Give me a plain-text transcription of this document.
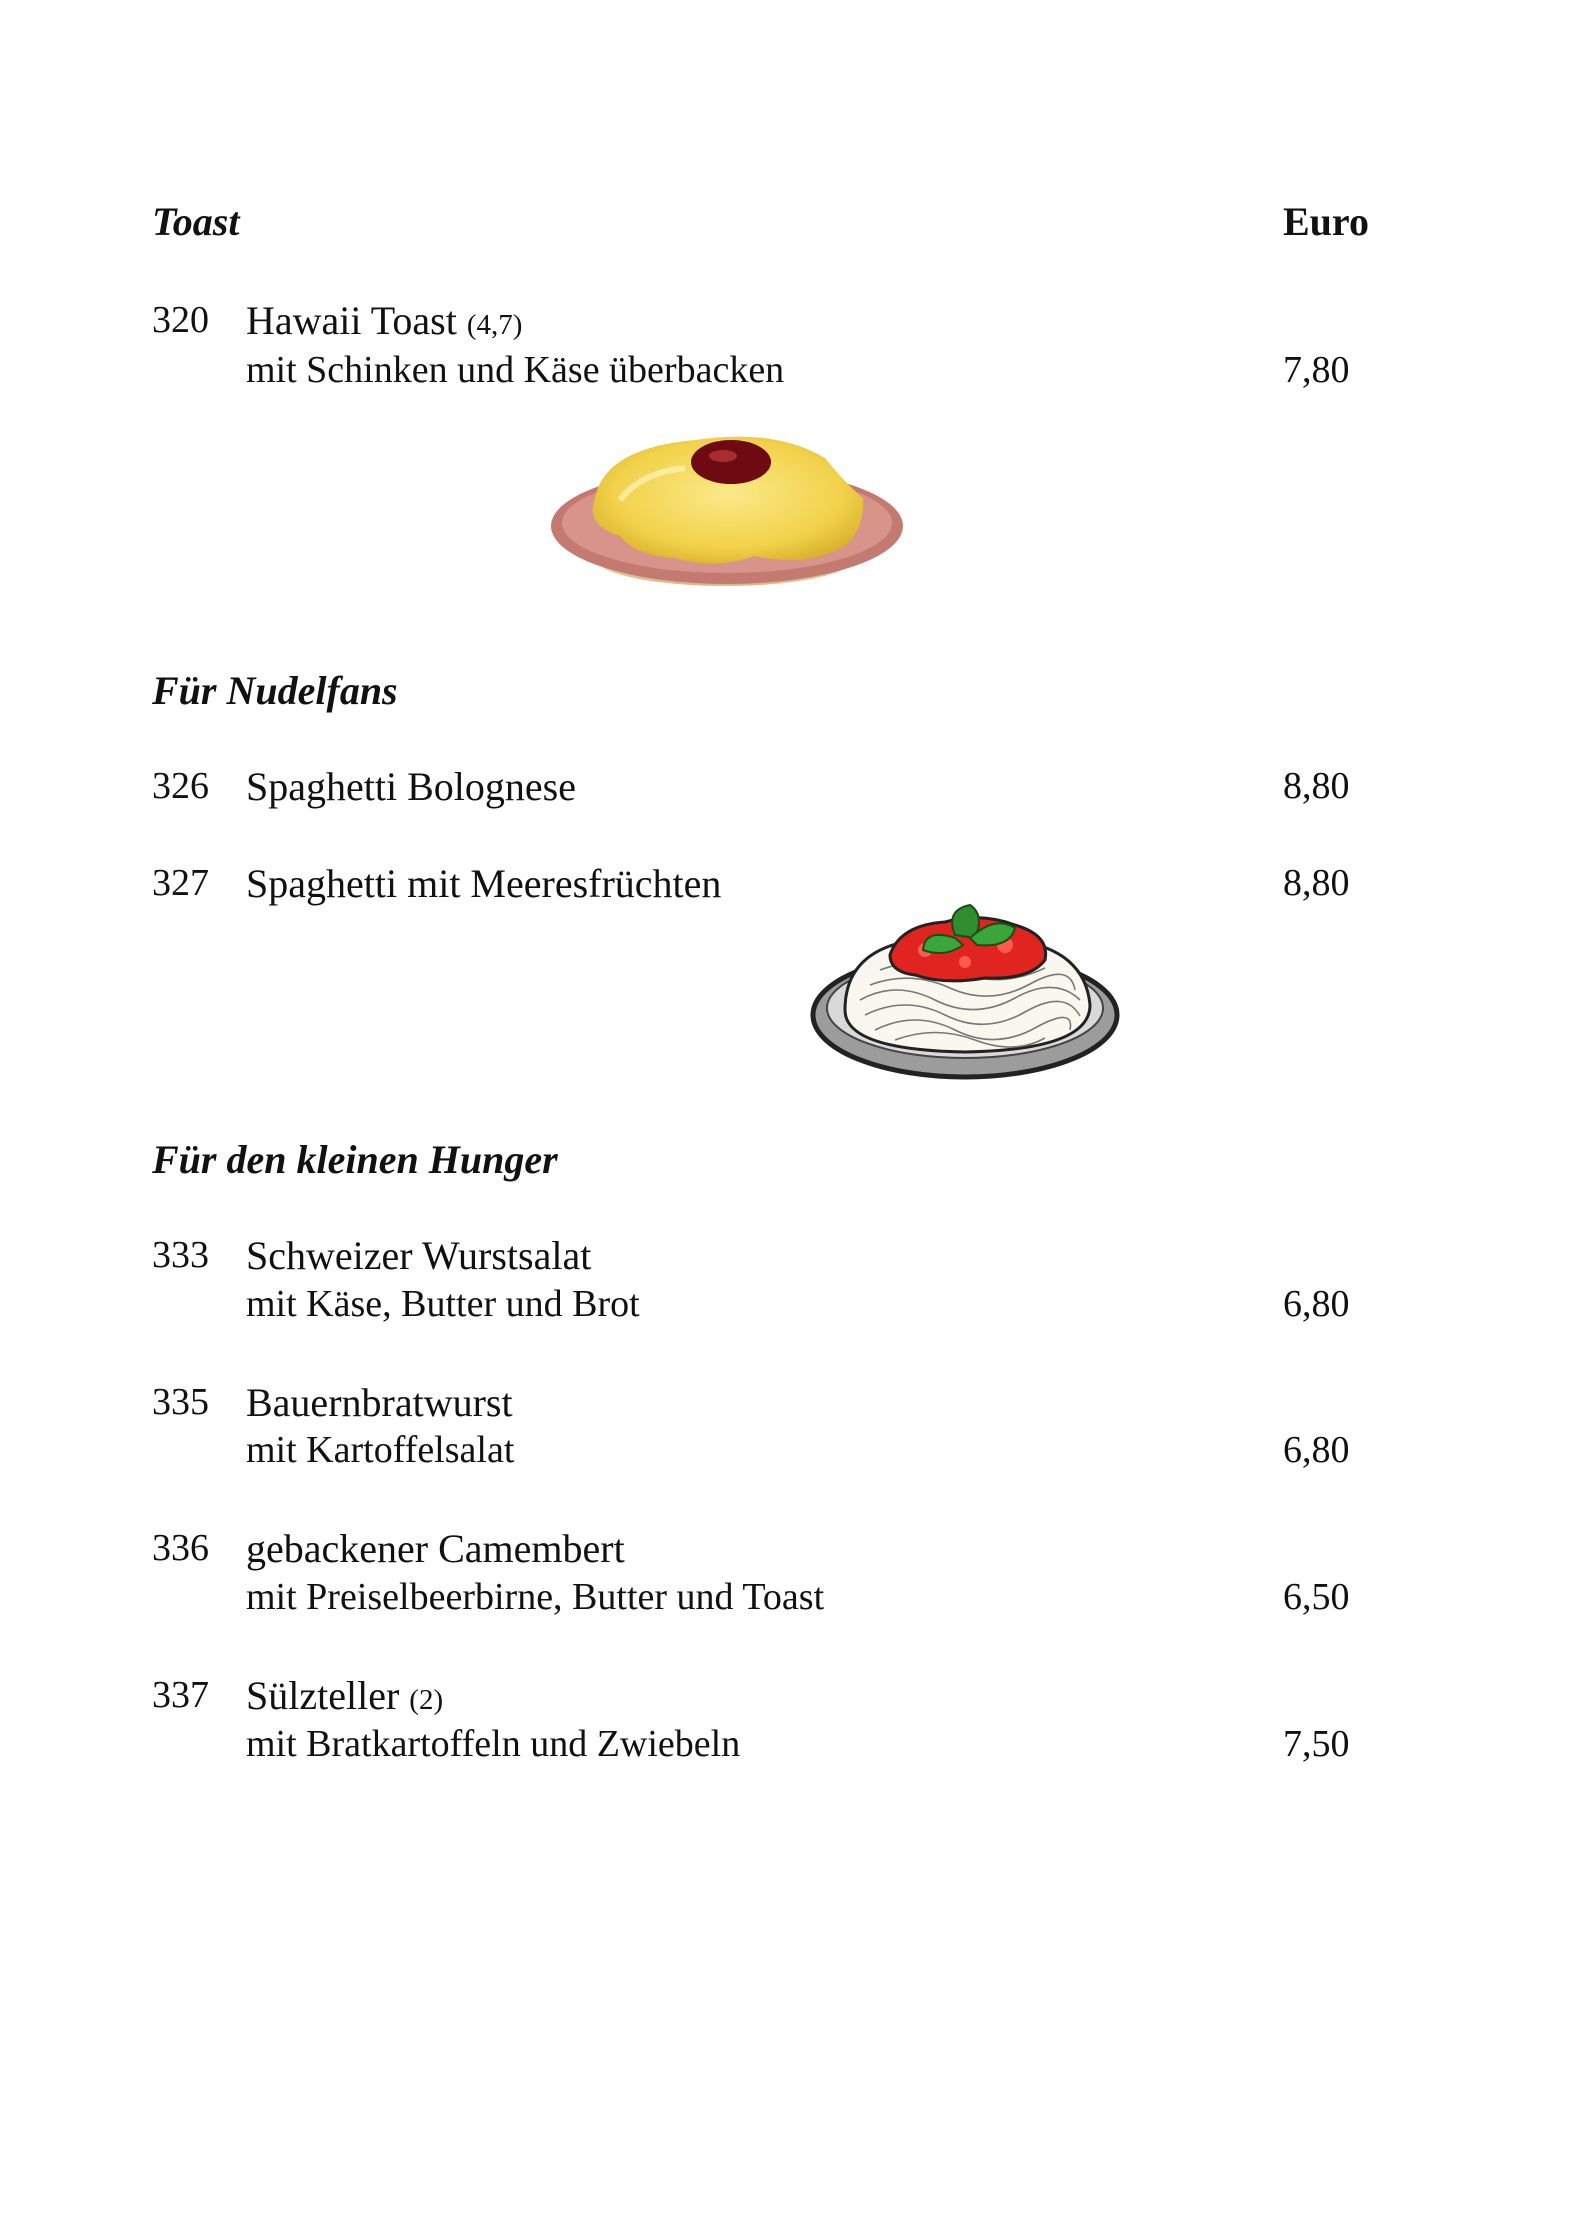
Toast	Euro
320 Hawaii Toast (4,7)
mit Schinken und Käse überbacken	7,80
Für Nudelfans
326 Spaghetti Bolognese	8,80
327 Spaghetti mit Meeresfrüchten	8,80
Für den kleinen Hunger
333 Schweizer Wurstsalat
mit Käse, Butter und Brot	6,80
335 Bauernbratwurst
mit Kartoffelsalat	6,80
336 gebackener Camembert
mit Preiselbeerbirne, Butter und Toast	6,50
337 Sülzteller (2)
mit Bratkartoffeln und Zwiebeln	7,50
